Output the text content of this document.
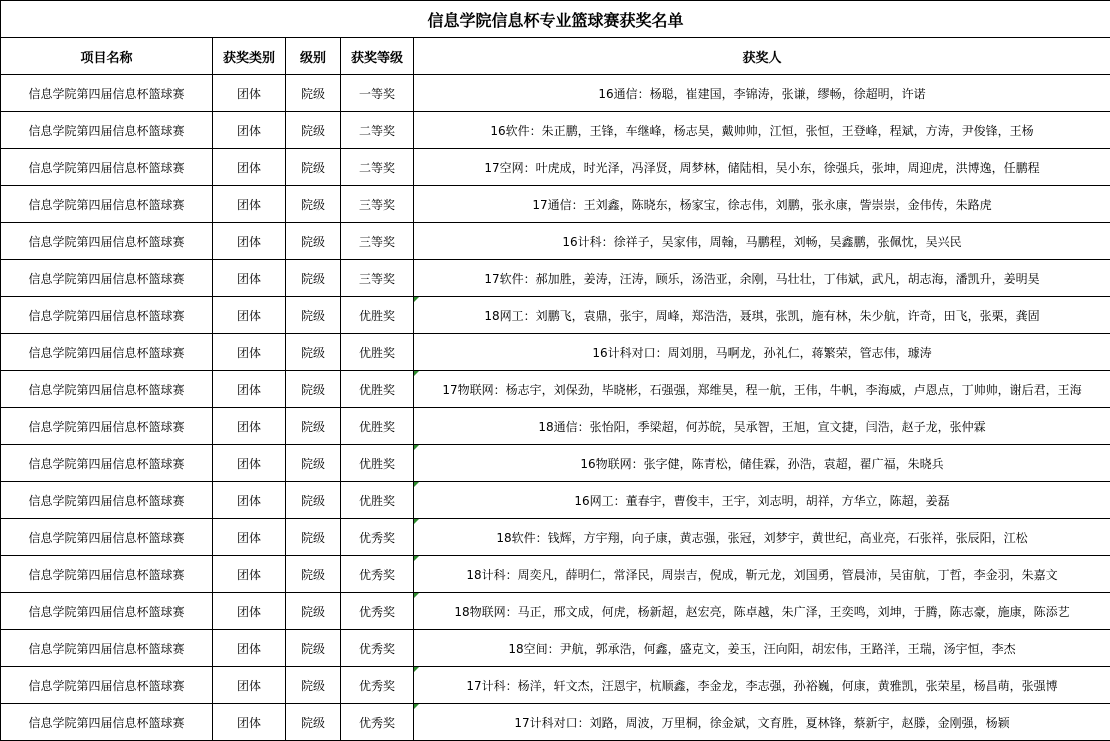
信息学院信息杯专业篮球赛获奖名单				
项目名称	获奖类别	级别	获奖等级	获奖人
信息学院第四届信息杯篮球赛	团体	院级	一等奖	16通信：杨聪，崔建国，李锦涛，张谦，缪畅，徐超明，许诺
信息学院第四届信息杯篮球赛	团体	院级	二等奖	16软件：朱正鹏，王锋，车继峰，杨志昊，戴帅帅，江恒，张恒，王登峰，程斌，方涛，尹俊锋，王杨
信息学院第四届信息杯篮球赛	团体	院级	二等奖	17空网：叶虎成，时光泽，冯泽贤，周梦林，储陆相，吴小东，徐强兵，张坤，周迎虎，洪博逸，任鹏程
信息学院第四届信息杯篮球赛	团体	院级	三等奖	17通信：王刘鑫，陈晓东，杨家宝，徐志伟，刘鹏，张永康，訾崇崇，金伟传，朱路虎
信息学院第四届信息杯篮球赛	团体	院级	三等奖	16计科：徐祥子，吴家伟，周翰，马鹏程，刘畅，吴鑫鹏，张佩忱，吴兴民
信息学院第四届信息杯篮球赛	团体	院级	三等奖	17软件：郝加胜，姜涛，汪涛，顾乐，汤浩亚，余刚，马壮壮，丁伟斌，武凡，胡志海，潘凯升，姜明昊
信息学院第四届信息杯篮球赛	团体	院级	优胜奖	18网工：刘鹏飞，袁鼎，张宇，周峰，郑浩浩，聂琪，张凯，施有林，朱少航，许奇，田飞，张栗，龚固
信息学院第四届信息杯篮球赛	团体	院级	优胜奖	16计科对口：周刘朋，马啊龙，孙礼仁，蒋繁荣，管志伟，璩涛
信息学院第四届信息杯篮球赛	团体	院级	优胜奖	17物联网：杨志宇，刘保劲，毕晓彬，石强强，郑维昊，程一航，王伟，牛帆，李海威，卢恩点，丁帅帅，谢后君，王海
信息学院第四届信息杯篮球赛	团体	院级	优胜奖	18通信：张怡阳，季梁超，何苏皖，吴承智，王旭，宣文捷，闫浩，赵子龙，张仲霖
信息学院第四届信息杯篮球赛	团体	院级	优胜奖	16物联网：张字健，陈青松，储佳霖，孙浩，袁超，翟广福，朱晓兵
信息学院第四届信息杯篮球赛	团体	院级	优胜奖	16网工：董春宇，曹俊丰，王宇，刘志明，胡祥，方华立，陈超，姜磊
信息学院第四届信息杯篮球赛	团体	院级	优秀奖	18软件：钱辉，方宇翔，向子康，黄志强，张冠，刘梦宇，黄世纪，高业亮，石张祥，张辰阳，江松
信息学院第四届信息杯篮球赛	团体	院级	优秀奖	18计科：周奕凡，薛明仁，常泽民，周崇吉，倪成，靳元龙，刘国勇，管晨沛，吴宙航，丁哲，李金羽，朱嘉文
信息学院第四届信息杯篮球赛	团体	院级	优秀奖	18物联网：马正，邢文成，何虎，杨新超，赵宏亮，陈卓越，朱广泽，王奕鸣，刘坤，于腾，陈志豪，施康，陈添艺
信息学院第四届信息杯篮球赛	团体	院级	优秀奖	18空间：尹航，郭承浩，何鑫，盛克文，姜玉，汪向阳，胡宏伟，王路洋，王瑞，汤宇恒，李杰
信息学院第四届信息杯篮球赛	团体	院级	优秀奖	17计科：杨洋，轩文杰，汪恩宇，杭顺鑫，李金龙，李志强，孙裕巍，何康，黄雅凯，张荣星，杨昌萌，张强博
信息学院第四届信息杯篮球赛	团体	院级	优秀奖	17计科对口：刘路，周波，万里桐，徐金斌，文育胜，夏林锋，蔡新宇，赵滕，金刚强，杨颖
